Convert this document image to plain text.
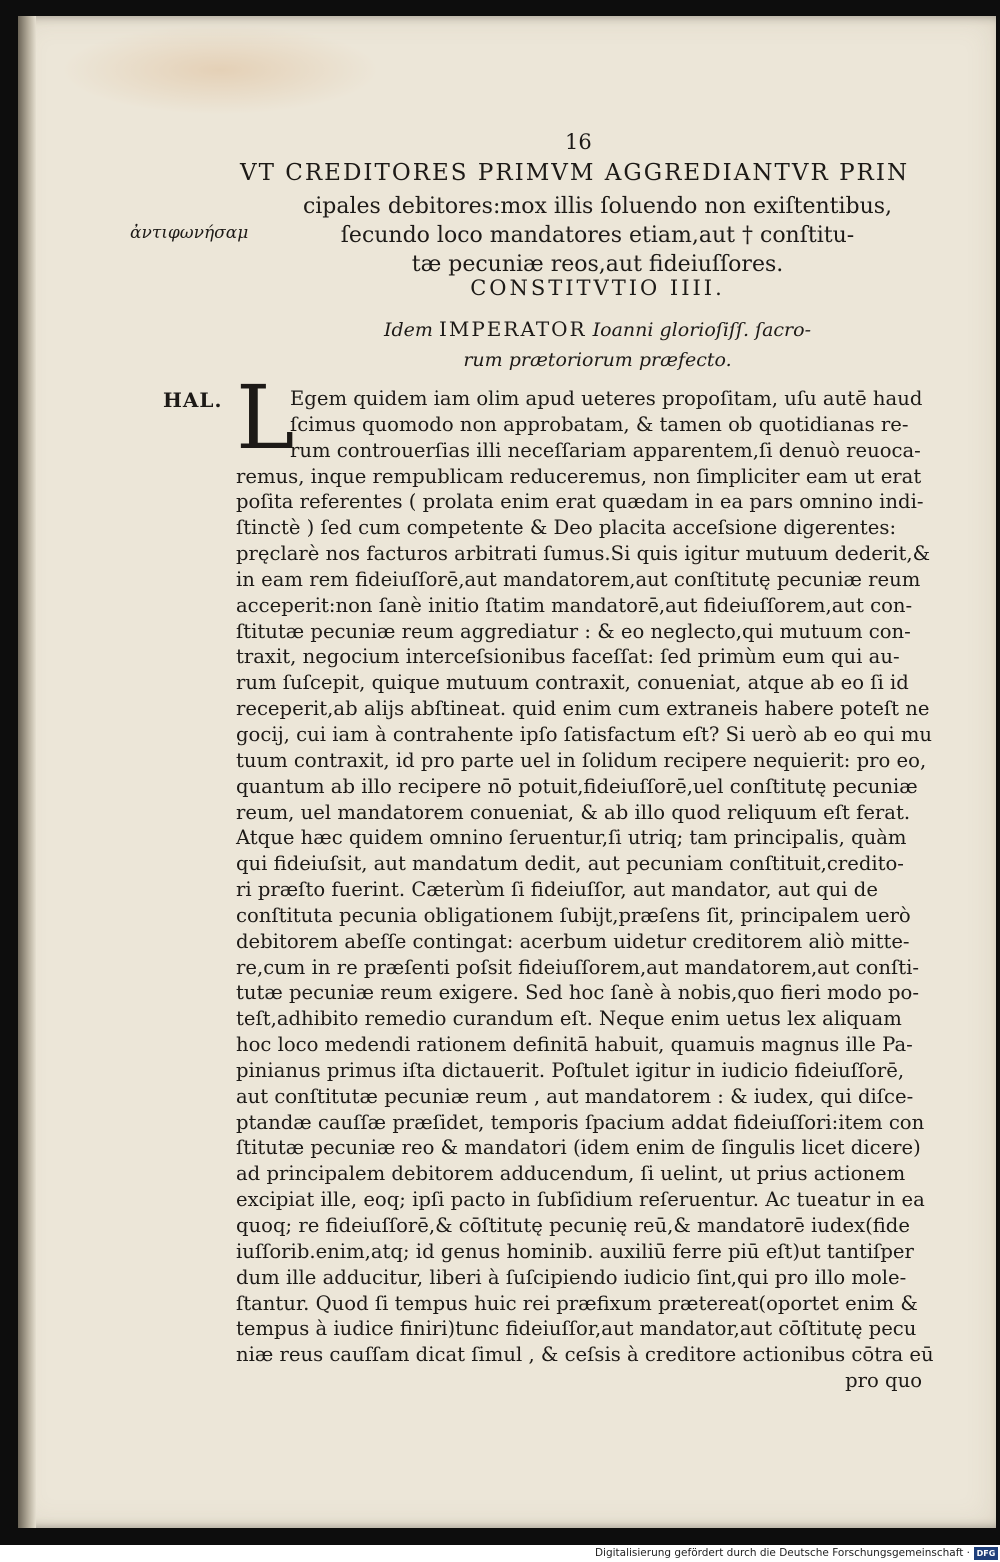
16
VT CREDITORES PRIMVM AGGREDIANTVR PRIN
cipales debitores:mox illis ſoluendo non exiſtentibus,
ſecundo loco mandatores etiam,aut † conſtitu-
tæ pecuniæ reos,aut fideiuſſores.
ἀντιφωνήσαμ
CONSTITVTIO IIII.
Idem IMPERATOR Ioanni glorioſiſſ. ſacro-
rum prætoriorum præfecto.
HAL. L
Egem quidem iam olim apud ueteres propoſitam, uſu autē haud
ſcimus quomodo non approbatam, & tamen ob quotidianas re-
rum controuerſias illi neceſſariam apparentem,ſi denuò reuoca-
remus, inque rempublicam reduceremus, non ſimpliciter eam ut erat
poſita referentes ( prolata enim erat quædam in ea pars omnino indi-
ſtinctè ) ſed cum competente & Deo placita acceſsione digerentes:
pręclarè nos facturos arbitrati ſumus.Si quis igitur mutuum dederit,&
in eam rem fideiuſſorē,aut mandatorem,aut conſtitutę pecuniæ reum
acceperit:non ſanè initio ſtatim mandatorē,aut fideiuſſorem,aut con-
ſtitutæ pecuniæ reum aggrediatur : & eo neglecto,qui mutuum con-
traxit, negocium interceſsionibus faceſſat: ſed primùm eum qui au-
rum ſuſcepit, quique mutuum contraxit, conueniat, atque ab eo ſi id
receperit,ab alijs abſtineat. quid enim cum extraneis habere poteſt ne
gocij, cui iam à contrahente ipſo ſatisfactum eſt? Si uerò ab eo qui mu
tuum contraxit, id pro parte uel in ſolidum recipere nequierit: pro eo,
quantum ab illo recipere nō potuit,fideiuſſorē,uel conſtitutę pecuniæ
reum, uel mandatorem conueniat, & ab illo quod reliquum eſt ferat.
Atque hæc quidem omnino ſeruentur,ſi utriq; tam principalis, quàm
qui fideiuſsit, aut mandatum dedit, aut pecuniam conſtituit,credito-
ri præſto fuerint. Cæterùm ſi fideiuſſor, aut mandator, aut qui de
conſtituta pecunia obligationem ſubijt,præſens ſit, principalem uerò
debitorem abeſſe contingat: acerbum uidetur creditorem aliò mitte-
re,cum in re præſenti poſsit fideiuſſorem,aut mandatorem,aut conſti-
tutæ pecuniæ reum exigere. Sed hoc ſanè à nobis,quo fieri modo po-
teſt,adhibito remedio curandum eſt. Neque enim uetus lex aliquam
hoc loco medendi rationem definitā habuit, quamuis magnus ille Pa-
pinianus primus iſta dictauerit. Poſtulet igitur in iudicio fideiuſſorē,
aut conſtitutæ pecuniæ reum , aut mandatorem : & iudex, qui diſce-
ptandæ cauſſæ præſidet, temporis ſpacium addat fideiuſſori:item con
ſtitutæ pecuniæ reo & mandatori (idem enim de ſingulis licet dicere)
ad principalem debitorem adducendum, ſi uelint, ut prius actionem
excipiat ille, eoq; ipſi pacto in ſubſidium reſeruentur. Ac tueatur in ea
quoq; re fideiuſſorē,& cōſtitutę pecunię reū,& mandatorē iudex(fide
iuſſorib.enim,atq; id genus hominib. auxiliū ferre piū eſt)ut tantiſper
dum ille adducitur, liberi à ſuſcipiendo iudicio ſint,qui pro illo mole-
ſtantur. Quod ſi tempus huic rei præfixum prætereat(oportet enim &
tempus à iudice finiri)tunc fideiuſſor,aut mandator,aut cōſtitutę pecu
niæ reus cauſſam dicat ſimul , & ceſsis à creditore actionibus cōtra eū
pro quo
Digitalisierung gefördert durch die Deutsche Forschungsgemeinschaft · DFG
